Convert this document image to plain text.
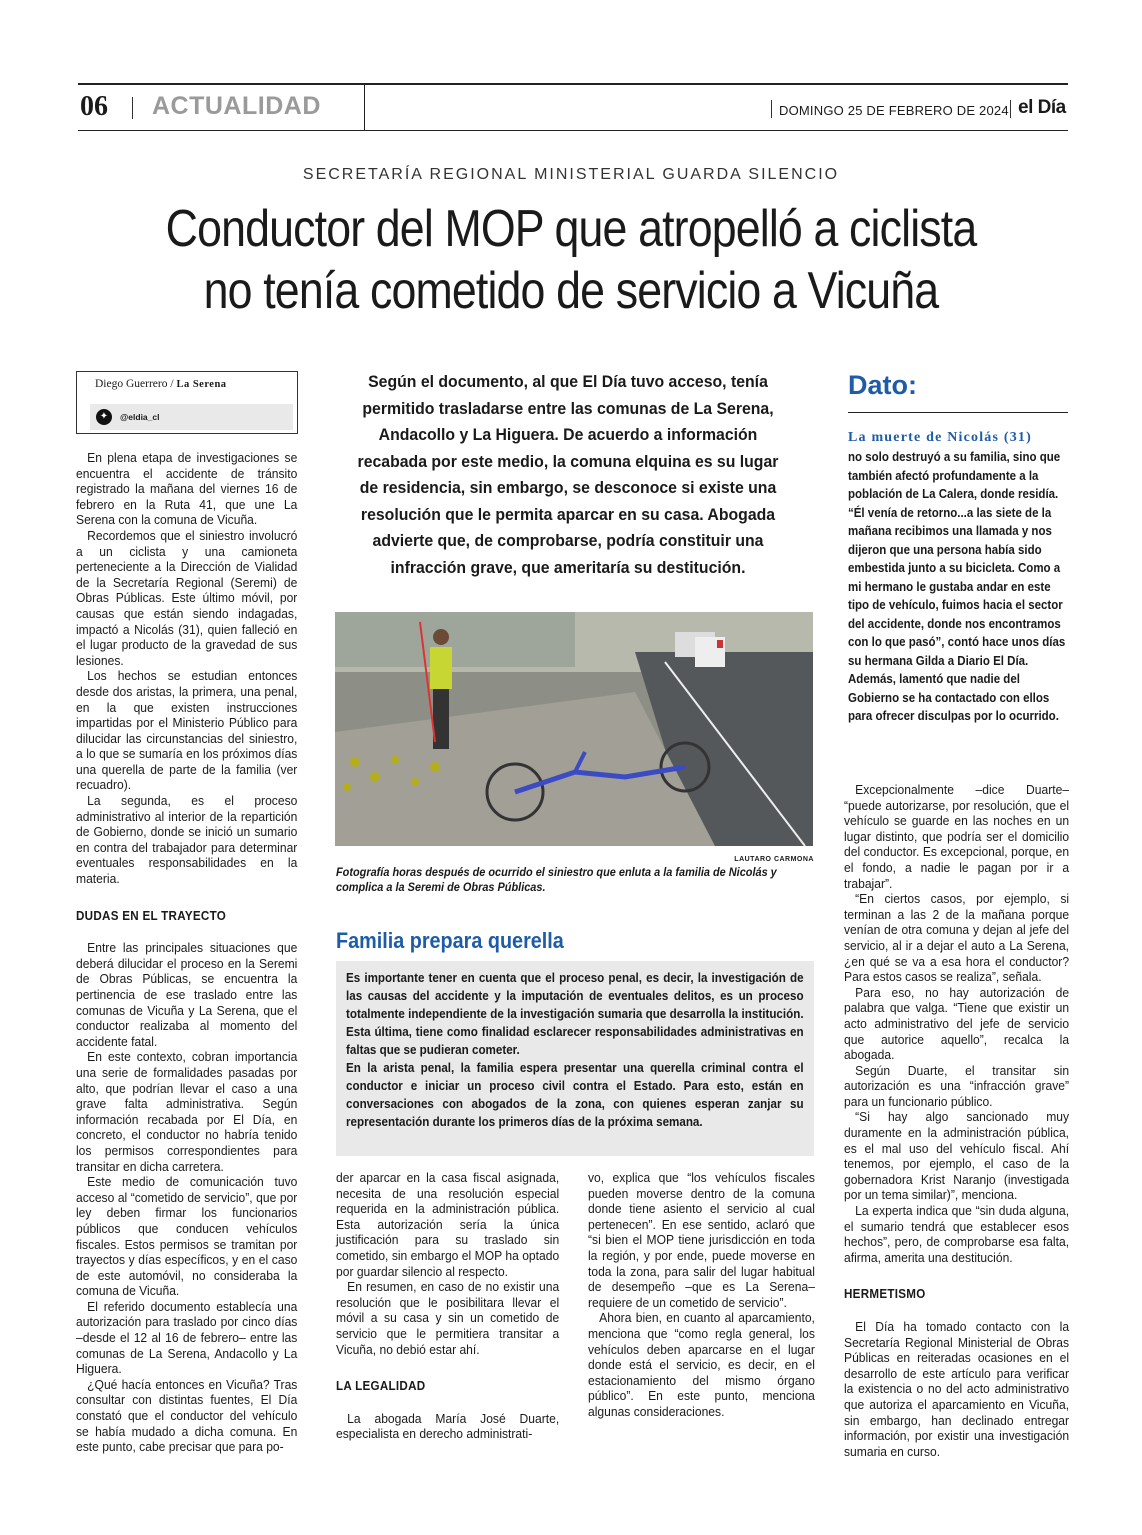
06 ACTUALIDAD	DOMINGO 25 DE FEBRERO DE 2024 el Día
SECRETARÍA REGIONAL MINISTERIAL GUARDA SILENCIO
Conductor del MOP que atropelló a ciclista
no tenía cometido de servicio a Vicuña
Diego Guerrero / La Serena
✦	@eldia_cl

En plena etapa de investigaciones se encuentra el accidente de tránsito registrado la mañana del viernes 16 de febrero en la Ruta 41, que une La Serena con la comuna de Vicuña.

Recordemos que el siniestro involucró a un ciclista y una camioneta perteneciente a la Dirección de Vialidad de la Secretaría Regional (Seremi) de Obras Públicas. Este último móvil, por causas que están siendo indagadas, impactó a Nicolás (31), quien falleció en el lugar producto de la gravedad de sus lesiones.

Los hechos se estudian entonces desde dos aristas, la primera, una penal, en la que existen instrucciones impartidas por el Ministerio Público para dilucidar las circunstancias del siniestro, a lo que se sumaría en los próximos días una querella de parte de la familia (ver recuadro).

La segunda, es el proceso administrativo al interior de la repartición de Gobierno, donde se inició un sumario en contra del trabajador para determinar eventuales responsabilidades en la materia.

DUDAS EN EL TRAYECTO

Entre las principales situaciones que deberá dilucidar el proceso en la Seremi de Obras Públicas, se encuentra la pertinencia de ese traslado entre las comunas de Vicuña y La Serena, que el conductor realizaba al momento del accidente fatal.

En este contexto, cobran importancia una serie de formalidades pasadas por alto, que podrían llevar el caso a una grave falta administrativa. Según información recabada por El Día, en concreto, el conductor no habría tenido los permisos correspondientes para transitar en dicha carretera.

Este medio de comunicación tuvo acceso al “cometido de servicio”, que por ley deben firmar los funcionarios públicos que conducen vehículos fiscales. Estos permisos se tramitan por trayectos y días específicos, y en el caso de este automóvil, no consideraba la comuna de Vicuña.

El referido documento establecía una autorización para traslado por cinco días –desde el 12 al 16 de febrero– entre las comunas de La Serena, Andacollo y La Higuera.

¿Qué hacía entonces en Vicuña? Tras consultar con distintas fuentes, El Día constató que el conductor del vehículo se había mudado a dicha comuna. En este punto, cabe precisar que para po-

Según el documento, al que El Día tuvo acceso, tenía permitido trasladarse entre las comunas de La Serena, Andacollo y La Higuera. De acuerdo a información recabada por este medio, la comuna elquina es su lugar de residencia, sin embargo, se desconoce si existe una resolución que le permita aparcar en su casa. Abogada advierte que, de comprobarse, podría constituir una infracción grave, que ameritaría su destitución.
LAUTARO CARMONA
Fotografía horas después de ocurrido el siniestro que enluta a la familia de Nicolás y complica a la Seremi de Obras Públicas.
Familia prepara querella

Es importante tener en cuenta que el proceso penal, es decir, la investigación de las causas del accidente y la imputación de eventuales delitos, es un proceso totalmente independiente de la investigación sumaria que desarrolla la institución. Esta última, tiene como finalidad esclarecer responsabilidades administrativas en faltas que se pudieran cometer.

En la arista penal, la familia espera presentar una querella criminal contra el conductor e iniciar un proceso civil contra el Estado. Para esto, están en conversaciones con abogados de la zona, con quienes esperan zanjar su representación durante los primeros días de la próxima semana.

der aparcar en la casa fiscal asignada, necesita de una resolución especial requerida en la administración pública. Esta autorización sería la única justificación para su traslado sin cometido, sin embargo el MOP ha optado por guardar silencio al respecto.

En resumen, en caso de no existir una resolución que le posibilitara llevar el móvil a su casa y sin un cometido de servicio que le permitiera transitar a Vicuña, no debió estar ahí.

LA LEGALIDAD

La abogada María José Duarte, especialista en derecho administrati-

vo, explica que “los vehículos fiscales pueden moverse dentro de la comuna donde tiene asiento el servicio al cual pertenecen”. En ese sentido, aclaró que “si bien el MOP tiene jurisdicción en toda la región, y por ende, puede moverse en toda la zona, para salir del lugar habitual de desempeño –que es La Serena– requiere de un cometido de servicio”.

Ahora bien, en cuanto al aparcamiento, menciona que “como regla general, los vehículos deben aparcarse en el lugar donde está el servicio, es decir, en el estacionamiento del mismo órgano público”. En este punto, menciona algunas consideraciones.

Dato:
La muerte de Nicolás (31)

no solo destruyó a su familia, sino que también afectó profundamente a la población de La Calera, donde residía.

“Él venía de retorno...a las siete de la mañana recibimos una llamada y nos dijeron que una persona había sido embestida junto a su bicicleta. Como a mi hermano le gustaba andar en este tipo de vehículo, fuimos hacia el sector del accidente, donde nos encontramos con lo que pasó”, contó hace unos días su hermana Gilda a Diario El Día.

Además, lamentó que nadie del Gobierno se ha contactado con ellos para ofrecer disculpas por lo ocurrido.

Excepcionalmente –dice Duarte– “puede autorizarse, por resolución, que el vehículo se guarde en las noches en un lugar distinto, que podría ser el domicilio del conductor. Es excepcional, porque, en el fondo, a nadie le pagan por ir a trabajar”.

“En ciertos casos, por ejemplo, si terminan a las 2 de la mañana porque venían de otra comuna y dejan al jefe del servicio, al ir a dejar el auto a La Serena, ¿en qué se va a esa hora el conductor? Para estos casos se realiza”, señala.

Para eso, no hay autorización de palabra que valga. “Tiene que existir un acto administrativo del jefe de servicio que autorice aquello”, recalca la abogada.

Según Duarte, el transitar sin autorización es una “infracción grave” para un funcionario público.

“Si hay algo sancionado muy duramente en la administración pública, es el mal uso del vehículo fiscal. Ahí tenemos, por ejemplo, el caso de la gobernadora Krist Naranjo (investigada por un tema similar)”, menciona.

La experta indica que “sin duda alguna, el sumario tendrá que establecer esos hechos”, pero, de comprobarse esa falta, afirma, amerita una destitución.

HERMETISMO

El Día ha tomado contacto con la Secretaría Regional Ministerial de Obras Públicas en reiteradas ocasiones en el desarrollo de este artículo para verificar la existencia o no del acto administrativo que autoriza el aparcamiento en Vicuña, sin embargo, han declinado entregar información, por existir una investigación sumaria en curso.
